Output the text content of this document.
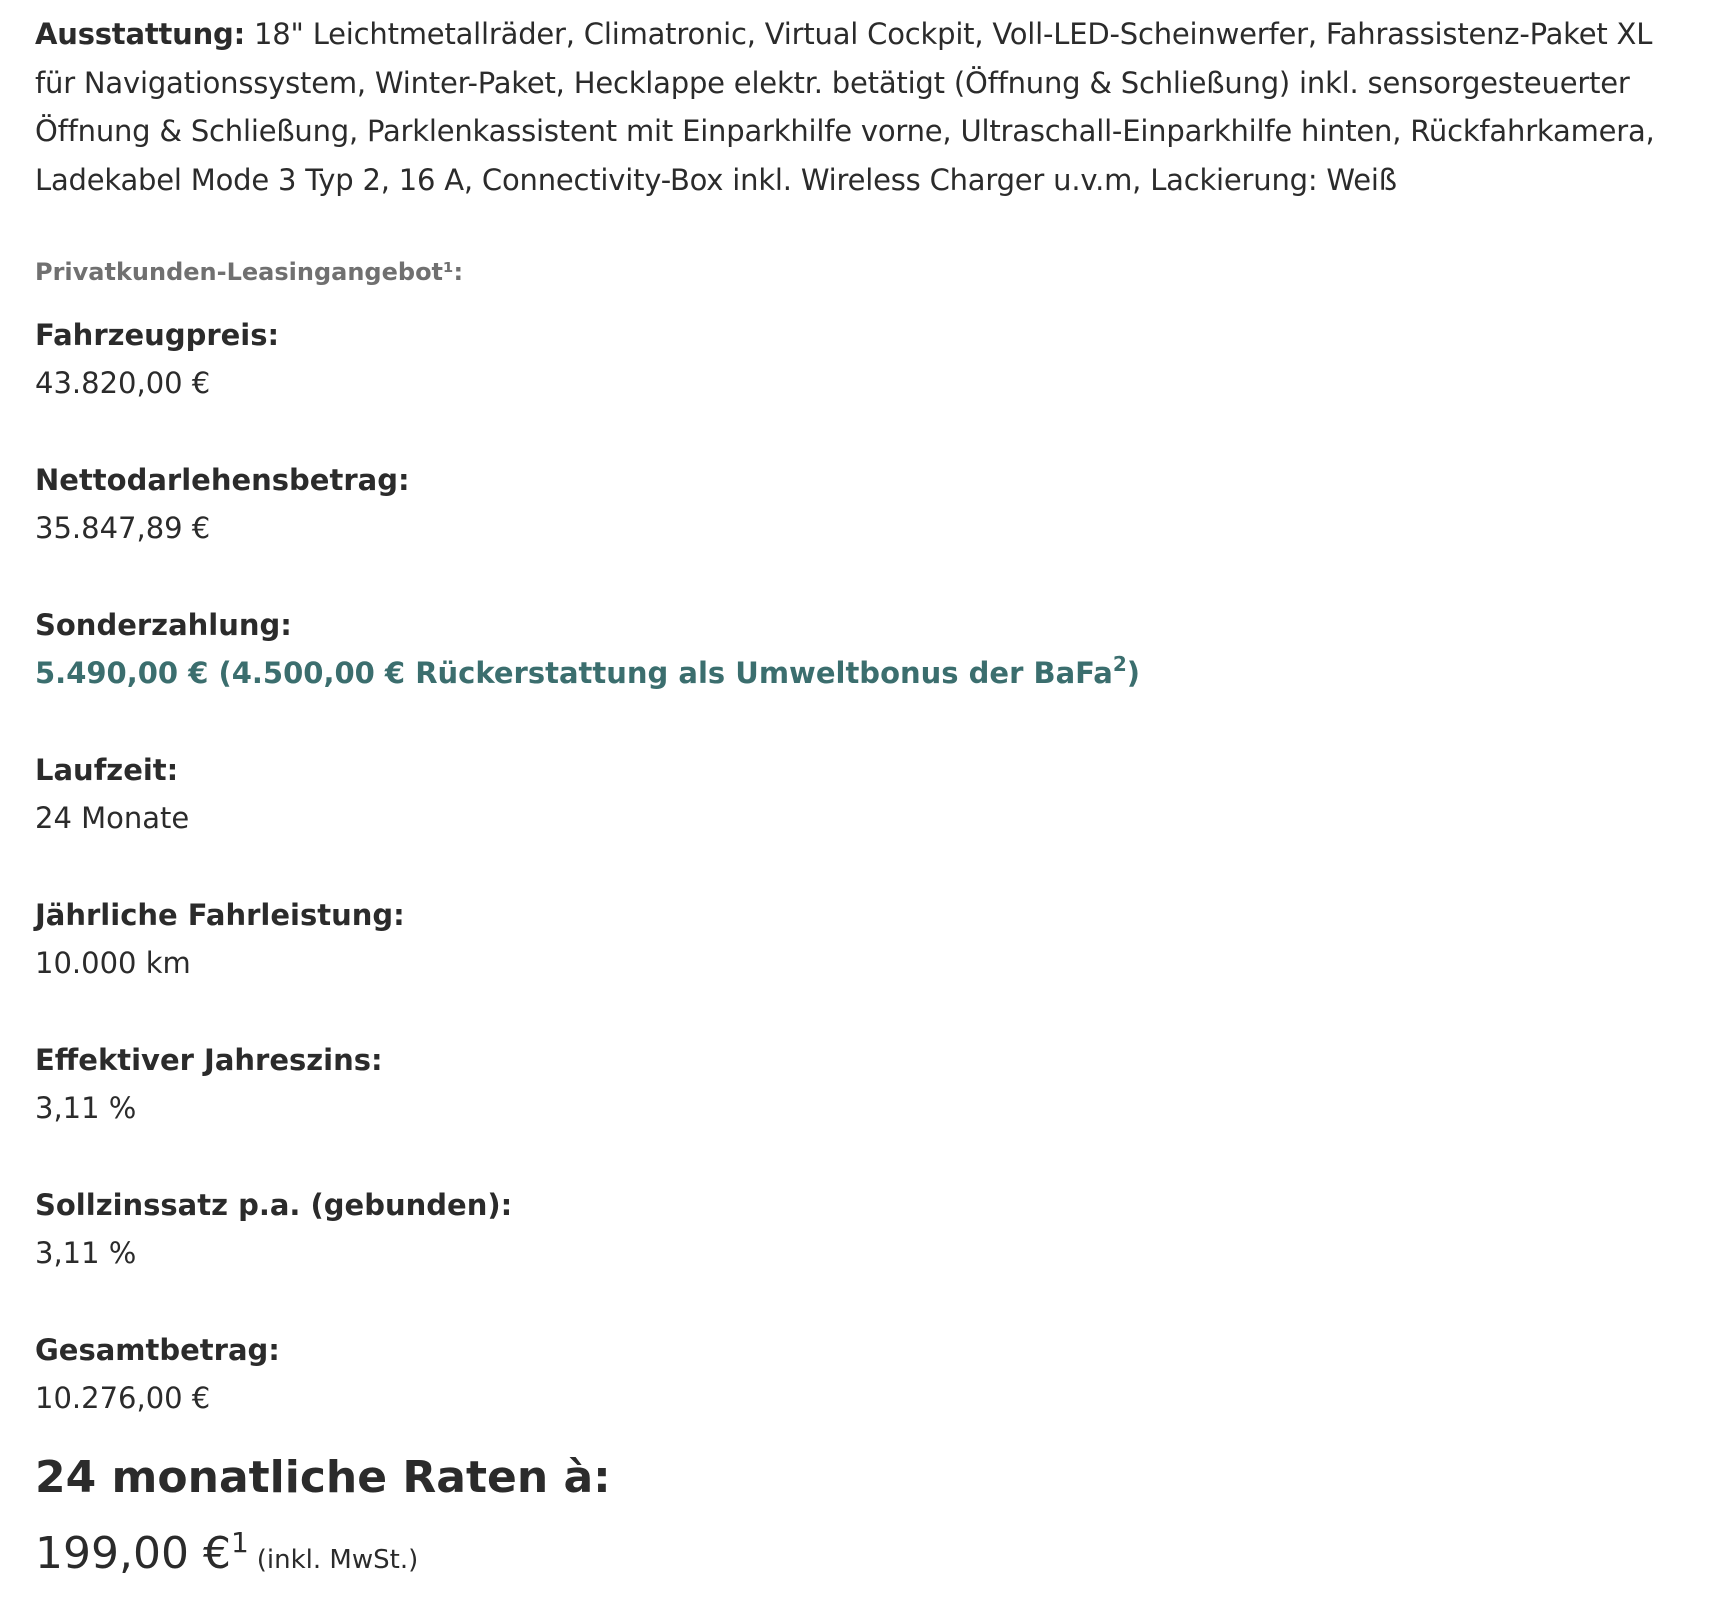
Ausstattung: 18" Leichtmetallräder, Climatronic, Virtual Cockpit, Voll-LED-Scheinwerfer, Fahrassistenz-Paket XL für Navigationssystem, Winter-Paket, Hecklappe elektr. betätigt (Öffnung & Schließung) inkl. sensorgesteuerter Öffnung & Schließung, Parklenkassistent mit Einparkhilfe vorne, Ultraschall-Einparkhilfe hinten, Rückfahrkamera, Ladekabel Mode 3 Typ 2, 16 A, Connectivity-Box inkl. Wireless Charger u.v.m, Lackierung: Weiß

Privatkunden-Leasingangebot¹:
Fahrzeugpreis:
43.820,00 €
Nettodarlehensbetrag:
35.847,89 €
Sonderzahlung:
5.490,00 € (4.500,00 € Rückerstattung als Umweltbonus der BaFa$^2$)
Laufzeit:
24 Monate
Jährliche Fahrleistung:
10.000 km
Effektiver Jahreszins:
3,11 %
Sollzinssatz p.a. (gebunden):
3,11 %
Gesamtbetrag:
10.276,00 €
24 monatliche Raten à:
199,00 €$^1$(inkl. MwSt.)
